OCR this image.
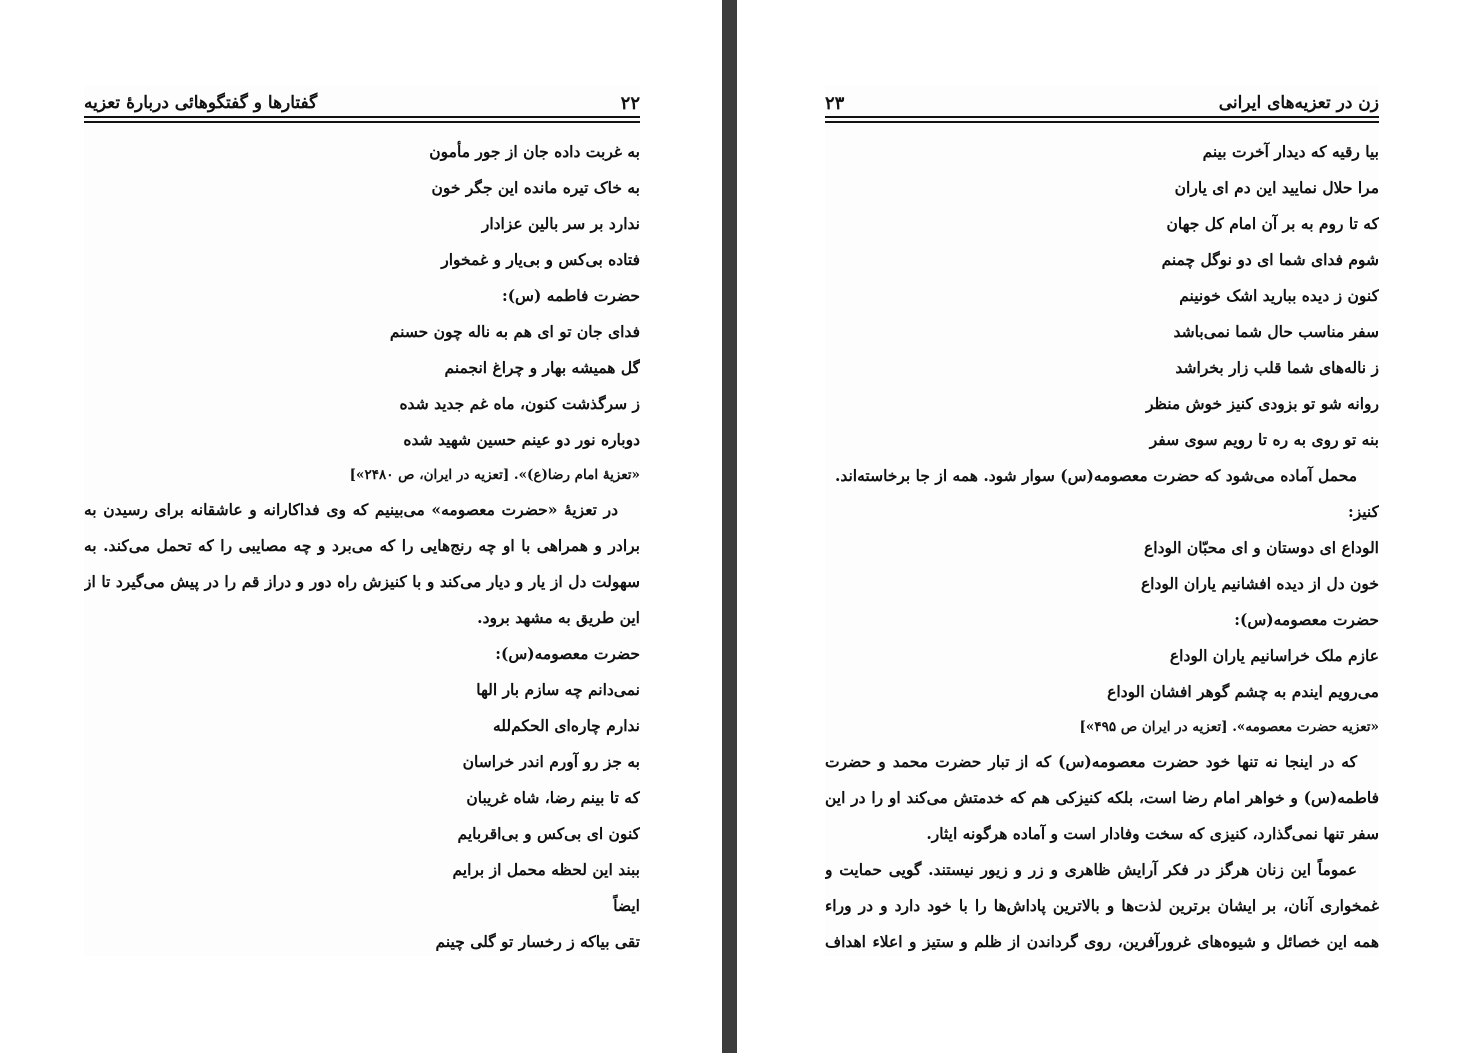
۲۲
گفتارها و گفتگوهائی دربارهٔ تعزیه
به غربت داده جان از جور مأمون
به خاک تیره مانده این جگر خون
ندارد بر سر بالین عزادار
فتاده بی‌کس و بی‌یار و غمخوار
حضرت فاطمه (س):
فدای جان تو ای هم به ناله چون حسنم
گل همیشه بهار و چراغ انجمنم
ز سرگذشت کنون، ماه غم جدید شده
دوباره نور دو عینم حسین شهید شده
«تعزیهٔ امام رضا(ع)». [تعزیه در ایران، ص ۲۴۸۰»]
در تعزیهٔ «حضرت معصومه» می‌بینیم که وی فداکارانه و عاشقانه برای رسیدن به
برادر و همراهی با او چه رنج‌هایی را که می‌برد و چه مصایبی را که تحمل می‌کند. به
سهولت دل از یار و دیار می‌کند و با کنیزش راه دور و دراز قم را در پیش می‌گیرد تا از
این طریق به مشهد برود.
حضرت معصومه(س):
نمی‌دانم چه سازم بار الها
ندارم چاره‌ای الحکم‌لله
به جز رو آورم اندر خراسان
که تا بینم رضا، شاه غریبان
کنون ای بی‌کس و بی‌اقربایم
ببند این لحظه محمل از برایم
ایضاً
تقی بیاکه ز رخسار تو گلی چینم
زن در تعزیه‌های ایرانی
۲۳
بیا رقیه که دیدار آخرت بینم
مرا حلال نمایید این دم ای یاران
که تا روم به بر آن امام کل جهان
شوم فدای شما ای دو نوگل چمنم
کنون ز دیده ببارید اشک خونینم
سفر مناسب حال شما نمی‌باشد
ز ناله‌های شما قلب زار بخراشد
روانه شو تو بزودی کنیز خوش منظر
بنه تو روی به ره تا رویم سوی سفر
محمل آماده می‌شود که حضرت معصومه(س) سوار شود. همه از جا برخاسته‌اند.
کنیز:
الوداع ای دوستان و ای محبّان الوداع
خون دل از دیده افشانیم یاران الوداع
حضرت معصومه(س):
عازم ملک خراسانیم یاران الوداع
می‌رویم ایندم به چشم گوهر افشان الوداع
«تعزیه حضرت معصومه». [تعزیه در ایران ص ۴۹۵»]
که در اینجا نه تنها خود حضرت معصومه(س) که از تبار حضرت محمد و حضرت
فاطمه(س) و خواهر امام رضا است، بلکه کنیزکی هم که خدمتش می‌کند او را در این
سفر تنها نمی‌گذارد، کنیزی که سخت وفادار است و آماده هرگونه ایثار.
عموماً این زنان هرگز در فکر آرایش ظاهری و زر و زیور نیستند. گویی حمایت و
غمخواری آنان، بر ایشان برترین لذت‌ها و بالاترین پاداش‌ها را با خود دارد و در وراء
همه این خصائل و شیوه‌های غرورآفرین، روی گرداندن از ظلم و ستیز و اعلاء اهداف
